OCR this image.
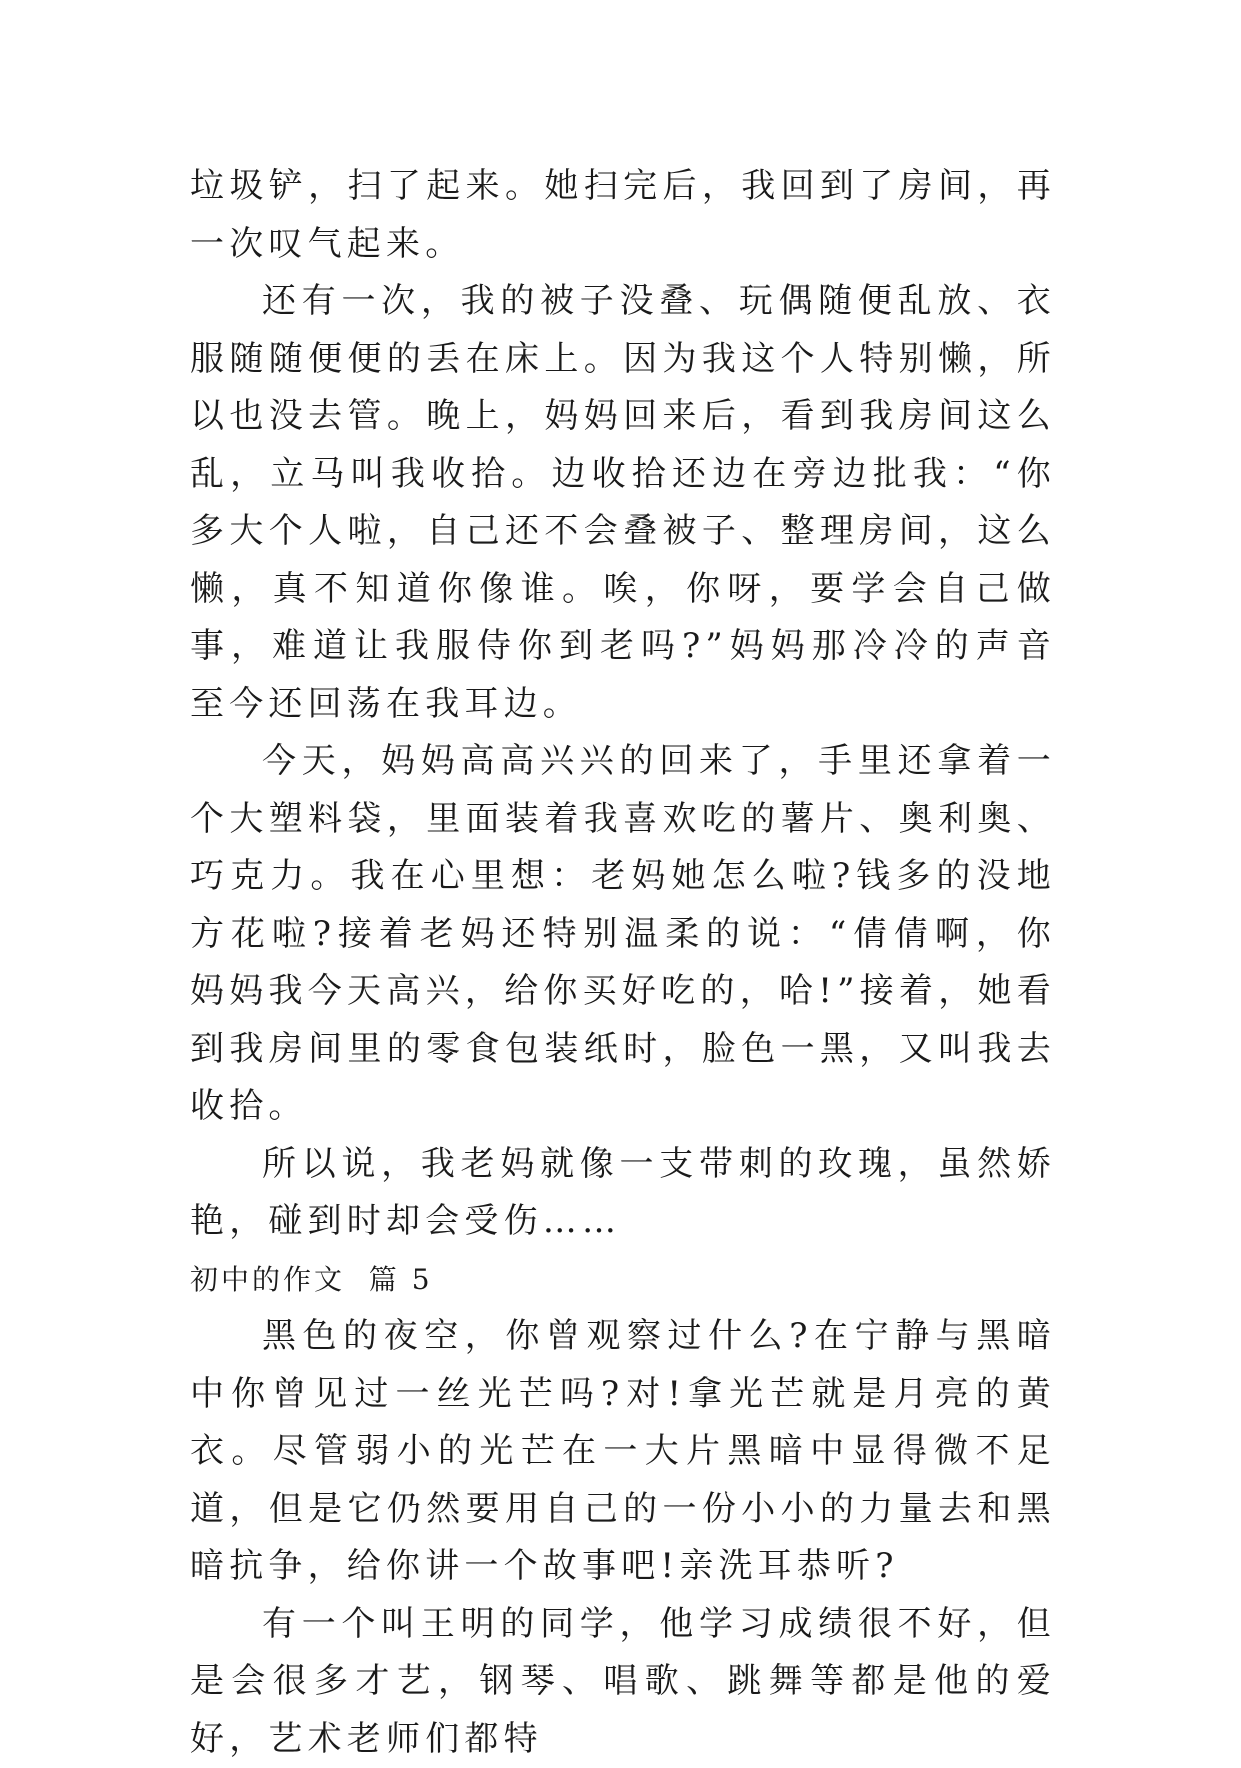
垃圾铲，扫了起来。她扫完后，我回到了房间，再一次叹气起来。

还有一次，我的被子没叠、玩偶随便乱放、衣服随随便便的丢在床上。因为我这个人特别懒，所以也没去管。晚上，妈妈回来后，看到我房间这么乱，立马叫我收拾。边收拾还边在旁边批我：“你多大个人啦，自己还不会叠被子、整理房间，这么懒，真不知道你像谁。唉，你呀，要学会自己做事，难道让我服侍你到老吗?”妈妈那冷冷的声音至今还回荡在我耳边。

今天，妈妈高高兴兴的回来了，手里还拿着一个大塑料袋，里面装着我喜欢吃的薯片、奥利奥、巧克力。我在心里想：老妈她怎么啦?钱多的没地方花啦?接着老妈还特别温柔的说：“倩倩啊，你妈妈我今天高兴，给你买好吃的，哈!”接着，她看到我房间里的零食包装纸时，脸色一黑，又叫我去收拾。

所以说，我老妈就像一支带刺的玫瑰，虽然娇艳，碰到时却会受伤……

初中的作文  篇 5

黑色的夜空，你曾观察过什么?在宁静与黑暗中你曾见过一丝光芒吗?对!拿光芒就是月亮的黄衣。尽管弱小的光芒在一大片黑暗中显得微不足道，但是它仍然要用自己的一份小小的力量去和黑暗抗争，给你讲一个故事吧!亲洗耳恭听?

有一个叫王明的同学，他学习成绩很不好，但是会很多才艺，钢琴、唱歌、跳舞等都是他的爱好，艺术老师们都特
